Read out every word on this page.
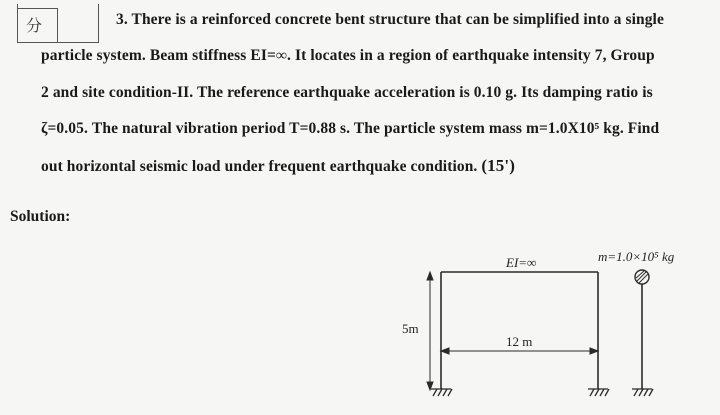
分	3. There is a reinforced concrete bent structure that can be simplified into a single
particle system. Beam stiffness EI=∞. It locates in a region of earthquake intensity 7, Group
2 and site condition-II. The reference earthquake acceleration is 0.10 g. Its damping ratio is
ζ=0.05. The natural vibration period T=0.88 s. The particle system mass m=1.0X10⁵ kg. Find
out horizontal seismic load under frequent earthquake condition. (15')
Solution:
EI=∞	m=1.0×10⁵ kg
5m
12 m
